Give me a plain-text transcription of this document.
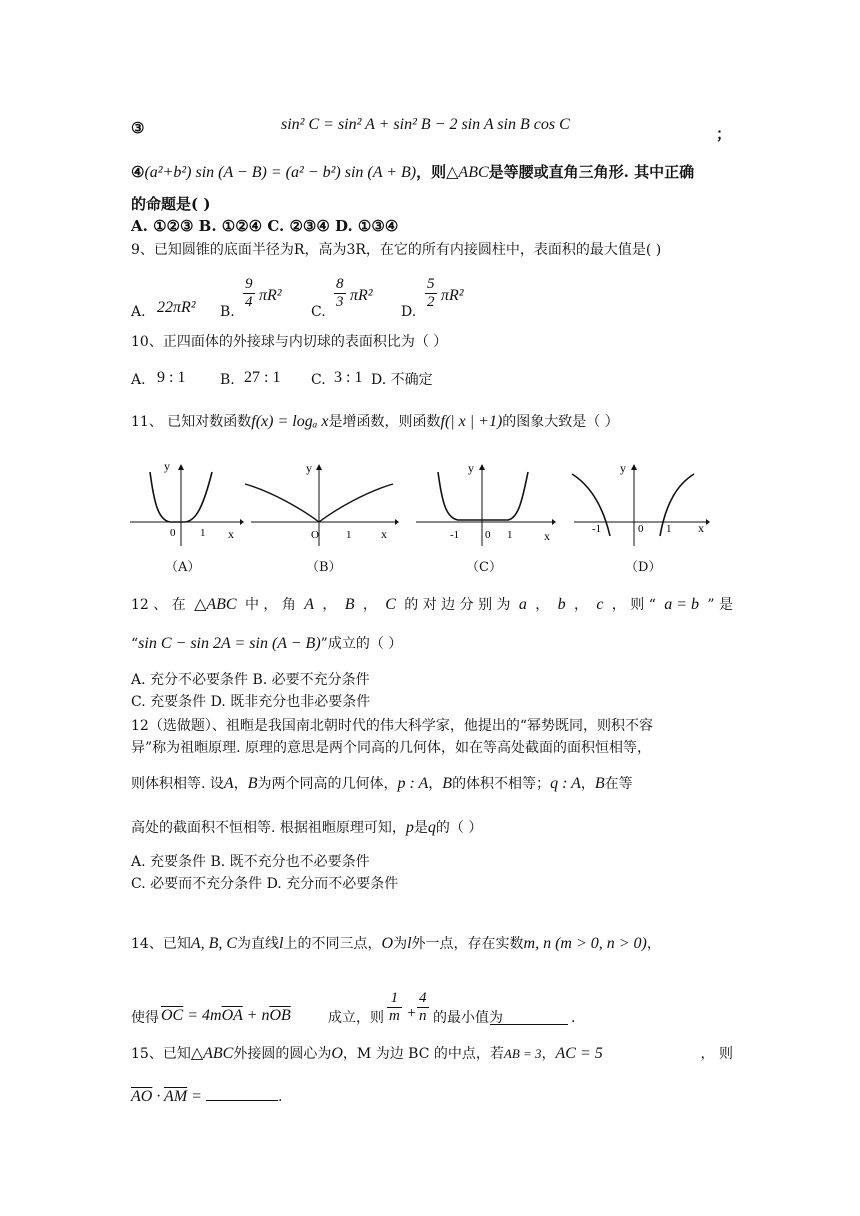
③	sin² C = sin² A + sin² B − 2 sin A sin B cos C
；
④(a²+b²) sin (A − B) = (a² − b²) sin (A + B)，则△ABC是等腰或直角三角形. 其中正确
的命题是( )
A. ①②③ B. ①②④ C. ②③④ D. ①③④
9、已知圆锥的底面半径为R，高为3R，在它的所有内接圆柱中，表面积的最大值是( )
A. 22πR² B.
$\frac{9}{4} \pi R^2$
C.
$\frac{8}{3} \pi R^2$
D.
$\frac{5}{2} \pi R^2$
10、正四面体的外接球与内切球的表面积比为（ ）
A. 9 : 1 B. 27 : 1 C. 3 : 1 D. 不确定
11、 已知对数函数f(x) = logₐ x是增函数，则函数f(| x | +1)的图象大致是（ ）
y
x
0 1
y
x
O 1
y
x
-1 0 1
y
x
-1	0 1
（A）	（B）	（C）	（D）
12 、 在 △ABC 中 ， 角 A ， B ， C 的 对 边 分 别 为 a ， b ， c ， 则 “ a = b ” 是
“sin C − sin 2A = sin (A − B)”成立的（ ）
A. 充分不必要条件 B. 必要不充分条件
C. 充要条件 D. 既非充分也非必要条件
12（选做题）、祖暅是我国南北朝时代的伟大科学家，他提出的“幂势既同，则积不容
异”称为祖暅原理. 原理的意思是两个同高的几何体，如在等高处截面的面积恒相等，
则体积相等. 设A，B为两个同高的几何体，p : A，B的体积不相等；q : A，B在等
高处的截面积不恒相等. 根据祖暅原理可知，p是q的（ ）
A. 充要条件 B. 既不充分也不必要条件
C. 必要而不充分条件 D. 充分而不必要条件
14、已知A, B, C为直线l上的不同三点，O为l外一点，存在实数m, n (m > 0, n > 0)，
使得 $\overline{OC} = 4m\overline{OA} + n\overline{OB}$	成立，则 $\frac{1}{m} + \frac{4}{n}$ 的最小值为	.
15、已知 △ABC 外接圆的圆心为 O ，M 为边 BC 的中点，若 AB = 3 ， AC = 5	， 则
$\overline{AO} \cdot \overline{AM}$ =	.
